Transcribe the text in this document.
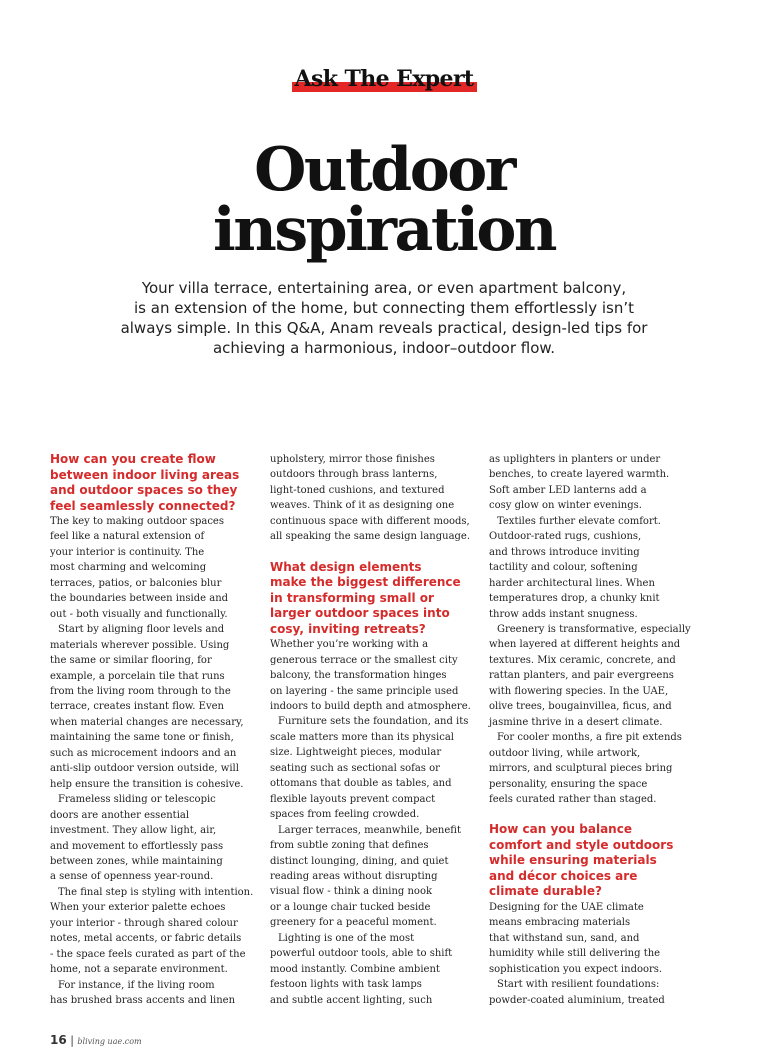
Ask The Expert
Outdoor
inspiration
Your villa terrace, entertaining area, or even apartment balcony,
is an extension of the home, but connecting them effortlessly isn’t
always simple. In this Q&A, Anam reveals practical, design-led tips for
achieving a harmonious, indoor–outdoor flow.
How can you create flow
between indoor living areas
and outdoor spaces so they
feel seamlessly connected?
The key to making outdoor spaces
feel like a natural extension of
your interior is continuity. The
most charming and welcoming
terraces, patios, or balconies blur
the boundaries between inside and
out - both visually and functionally.
Start by aligning floor levels and
materials wherever possible. Using
the same or similar flooring, for
example, a porcelain tile that runs
from the living room through to the
terrace, creates instant flow. Even
when material changes are necessary,
maintaining the same tone or finish,
such as microcement indoors and an
anti-slip outdoor version outside, will
help ensure the transition is cohesive.
Frameless sliding or telescopic
doors are another essential
investment. They allow light, air,
and movement to effortlessly pass
between zones, while maintaining
a sense of openness year-round.
The final step is styling with intention.
When your exterior palette echoes
your interior - through shared colour
notes, metal accents, or fabric details
- the space feels curated as part of the
home, not a separate environment.
For instance, if the living room
has brushed brass accents and linen
upholstery, mirror those finishes
outdoors through brass lanterns,
light-toned cushions, and textured
weaves. Think of it as designing one
continuous space with different moods,
all speaking the same design language.
What design elements
make the biggest difference
in transforming small or
larger outdoor spaces into
cosy, inviting retreats?
Whether you’re working with a
generous terrace or the smallest city
balcony, the transformation hinges
on layering - the same principle used
indoors to build depth and atmosphere.
Furniture sets the foundation, and its
scale matters more than its physical
size. Lightweight pieces, modular
seating such as sectional sofas or
ottomans that double as tables, and
flexible layouts prevent compact
spaces from feeling crowded.
Larger terraces, meanwhile, benefit
from subtle zoning that defines
distinct lounging, dining, and quiet
reading areas without disrupting
visual flow - think a dining nook
or a lounge chair tucked beside
greenery for a peaceful moment.
Lighting is one of the most
powerful outdoor tools, able to shift
mood instantly. Combine ambient
festoon lights with task lamps
and subtle accent lighting, such
as uplighters in planters or under
benches, to create layered warmth.
Soft amber LED lanterns add a
cosy glow on winter evenings.
Textiles further elevate comfort.
Outdoor-rated rugs, cushions,
and throws introduce inviting
tactility and colour, softening
harder architectural lines. When
temperatures drop, a chunky knit
throw adds instant snugness.
Greenery is transformative, especially
when layered at different heights and
textures. Mix ceramic, concrete, and
rattan planters, and pair evergreens
with flowering species. In the UAE,
olive trees, bougainvillea, ficus, and
jasmine thrive in a desert climate.
For cooler months, a fire pit extends
outdoor living, while artwork,
mirrors, and sculptural pieces bring
personality, ensuring the space
feels curated rather than staged.
How can you balance
comfort and style outdoors
while ensuring materials
and décor choices are
climate durable?
Designing for the UAE climate
means embracing materials
that withstand sun, sand, and
humidity while still delivering the
sophistication you expect indoors.
Start with resilient foundations:
powder-coated aluminium, treated
16 | bliving uae.com
